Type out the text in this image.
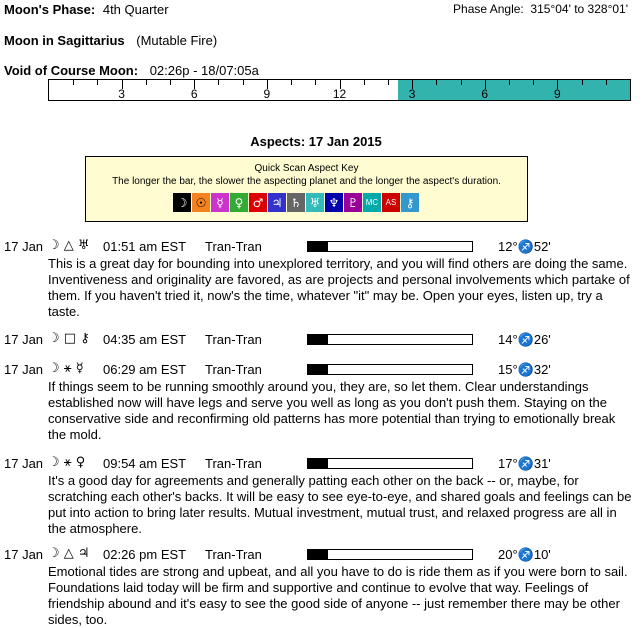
Moon's Phase: 4th Quarter	Phase Angle:  315°04' to 328°01'
Moon in Sagittarius (Mutable Fire)
Void of Course Moon: 02:26p - 18/07:05a
3	6	9	12	3	6	9
Aspects: 17 Jan 2015
Quick Scan Aspect Key
The longer the bar, the slower the aspecting planet and the longer the aspect's duration.
☽ ☉ ☿ ♀ ♂ ♃ ♄ ♅ ♆ ♇ MC AS ⚷
17 Jan ☽ △ ♅ 01:51 am EST Tran-Tran	12°♐52'
This is a great day for bounding into unexplored territory, and you will find others are doing the same. Inventiveness and originality are favored, as are projects and personal involvements which partake of them. If you haven't tried it, now's the time, whatever "it" may be. Open your eyes, listen up, try a taste.
17 Jan ☽ □ ⚷ 04:35 am EST Tran-Tran	14°♐26'
17 Jan ☽ ⚹ ☿ 06:29 am EST Tran-Tran	15°♐32'
If things seem to be running smoothly around you, they are, so let them. Clear understandings established now will have legs and serve you well as long as you don't push them. Staying on the conservative side and reconfirming old patterns has more potential than trying to emotionally break the mold.
17 Jan ☽ ⚹ ♀ 09:54 am EST Tran-Tran	17°♐31'
It's a good day for agreements and generally patting each other on the back -- or, maybe, for scratching each other's backs. It will be easy to see eye-to-eye, and shared goals and feelings can be put into action to bring later results. Mutual investment, mutual trust, and relaxed progress are all in the atmosphere.
17 Jan ☽ △ ♃ 02:26 pm EST Tran-Tran	20°♐10'
Emotional tides are strong and upbeat, and all you have to do is ride them as if you were born to sail. Foundations laid today will be firm and supportive and continue to evolve that way. Feelings of friendship abound and it's easy to see the good side of anyone -- just remember there may be other sides, too.
